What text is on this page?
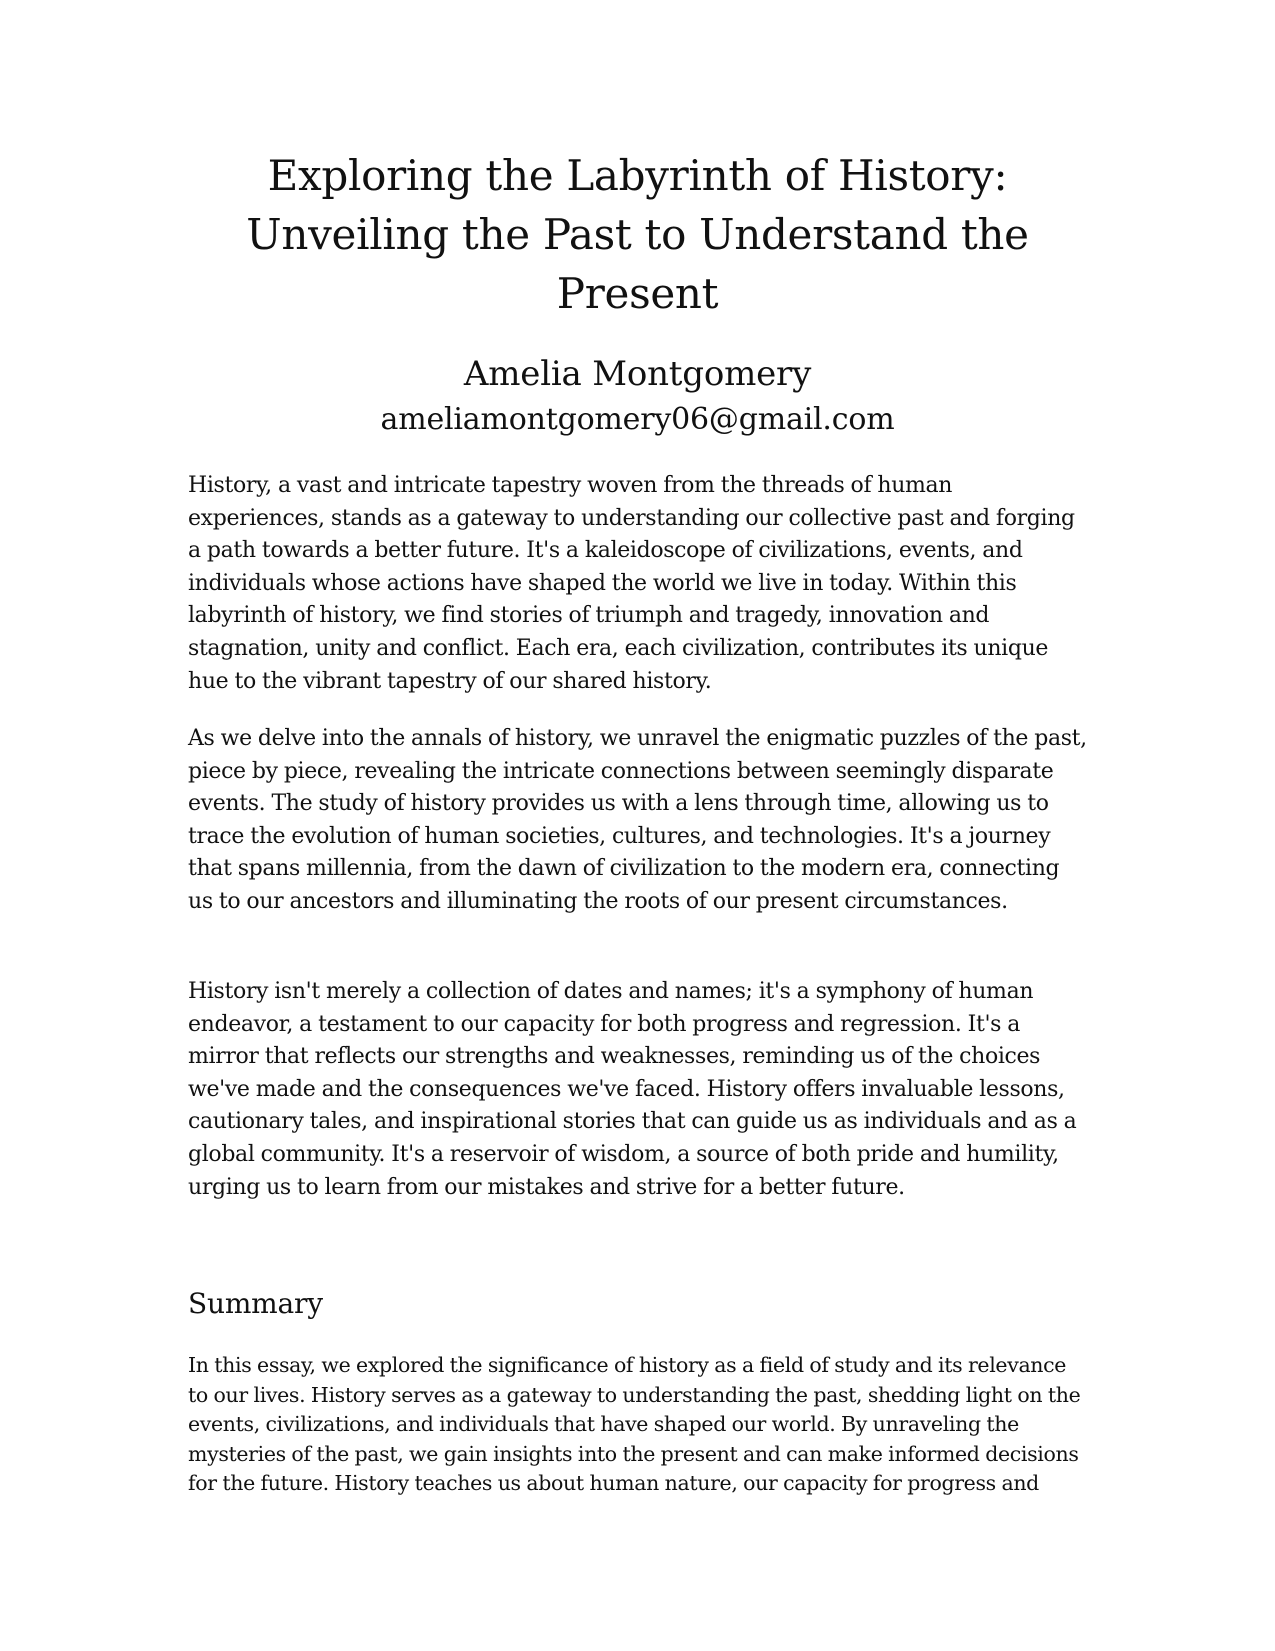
Exploring the Labyrinth of History: Unveiling the Past to Understand the Present

Amelia Montgomery

ameliamontgomery06@gmail.com

History, a vast and intricate tapestry woven from the threads of human experiences, stands as a gateway to understanding our collective past and forging a path towards a better future. It's a kaleidoscope of civilizations, events, and individuals whose actions have shaped the world we live in today. Within this labyrinth of history, we find stories of triumph and tragedy, innovation and stagnation, unity and conflict. Each era, each civilization, contributes its unique hue to the vibrant tapestry of our shared history.

As we delve into the annals of history, we unravel the enigmatic puzzles of the past, piece by piece, revealing the intricate connections between seemingly disparate events. The study of history provides us with a lens through time, allowing us to trace the evolution of human societies, cultures, and technologies. It's a journey that spans millennia, from the dawn of civilization to the modern era, connecting us to our ancestors and illuminating the roots of our present circumstances.

History isn't merely a collection of dates and names; it's a symphony of human endeavor, a testament to our capacity for both progress and regression. It's a mirror that reflects our strengths and weaknesses, reminding us of the choices we've made and the consequences we've faced. History offers invaluable lessons, cautionary tales, and inspirational stories that can guide us as individuals and as a global community. It's a reservoir of wisdom, a source of both pride and humility, urging us to learn from our mistakes and strive for a better future.

Summary

In this essay, we explored the significance of history as a field of study and its relevance to our lives. History serves as a gateway to understanding the past, shedding light on the events, civilizations, and individuals that have shaped our world. By unraveling the mysteries of the past, we gain insights into the present and can make informed decisions for the future. History teaches us about human nature, our capacity for progress and
